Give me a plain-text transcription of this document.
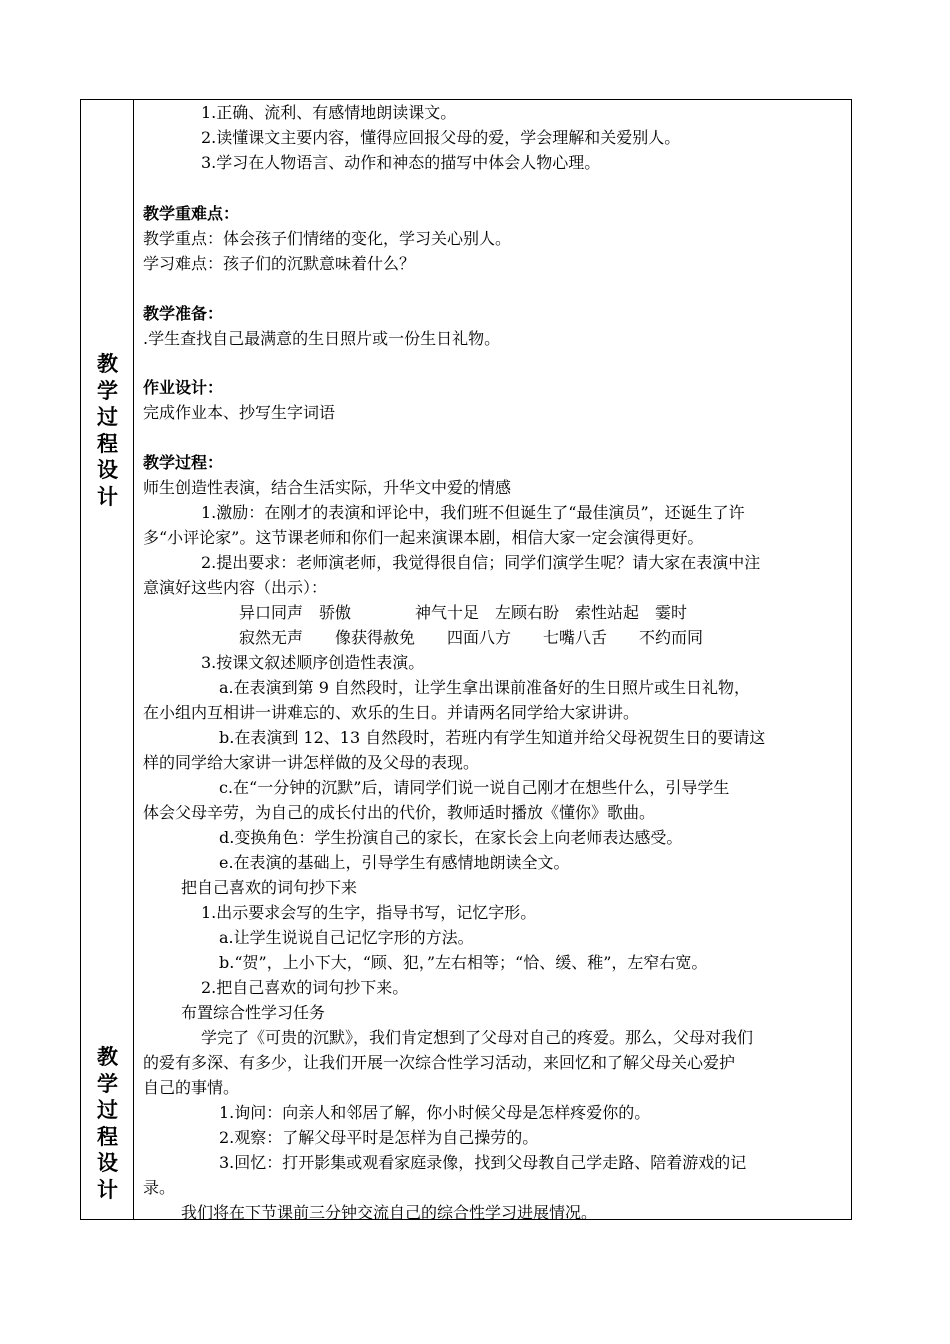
教
学
过
程
设
计
教
学
过
程
设
计
1.正确、流利、有感情地朗读课文。
2.读懂课文主要内容，懂得应回报父母的爱，学会理解和关爱别人。
3.学习在人物语言、动作和神态的描写中体会人物心理。
教学重难点：
教学重点：体会孩子们情绪的变化，学习关心别人。
学习难点：孩子们的沉默意味着什么？
教学准备：
.学生查找自己最满意的生日照片或一份生日礼物。
作业设计：
完成作业本、抄写生字词语
教学过程：
师生创造性表演，结合生活实际，升华文中爱的情感
1.激励：在刚才的表演和评论中，我们班不但诞生了“最佳演员”，还诞生了许
多“小评论家”。这节课老师和你们一起来演课本剧，相信大家一定会演得更好。
2.提出要求：老师演老师，我觉得很自信；同学们演学生呢？请大家在表演中注
意演好这些内容（出示）：
异口同声　骄傲　　　　神气十足　左顾右盼　索性站起　霎时
寂然无声　　像获得赦免　　四面八方　　七嘴八舌　　不约而同
3.按课文叙述顺序创造性表演。
a.在表演到第 9 自然段时，让学生拿出课前准备好的生日照片或生日礼物，
在小组内互相讲一讲难忘的、欢乐的生日。并请两名同学给大家讲讲。
b.在表演到 12、13 自然段时，若班内有学生知道并给父母祝贺生日的要请这
样的同学给大家讲一讲怎样做的及父母的表现。
c.在“一分钟的沉默”后，请同学们说一说自己刚才在想些什么，引导学生
体会父母辛劳，为自己的成长付出的代价，教师适时播放《懂你》歌曲。
d.变换角色：学生扮演自己的家长，在家长会上向老师表达感受。
e.在表演的基础上，引导学生有感情地朗读全文。
把自己喜欢的词句抄下来
1.出示要求会写的生字，指导书写，记忆字形。
a.让学生说说自己记忆字形的方法。
b.“贺”，上小下大，“顾、犯，”左右相等；“恰、缓、稚”，左窄右宽。
2.把自己喜欢的词句抄下来。
布置综合性学习任务
学完了《可贵的沉默》，我们肯定想到了父母对自己的疼爱。那么，父母对我们
的爱有多深、有多少，让我们开展一次综合性学习活动，来回忆和了解父母关心爱护
自己的事情。
1.询问：向亲人和邻居了解，你小时候父母是怎样疼爱你的。
2.观察：了解父母平时是怎样为自己操劳的。
3.回忆：打开影集或观看家庭录像，找到父母教自己学走路、陪着游戏的记
录。
我们将在下节课前三分钟交流自己的综合性学习进展情况。
